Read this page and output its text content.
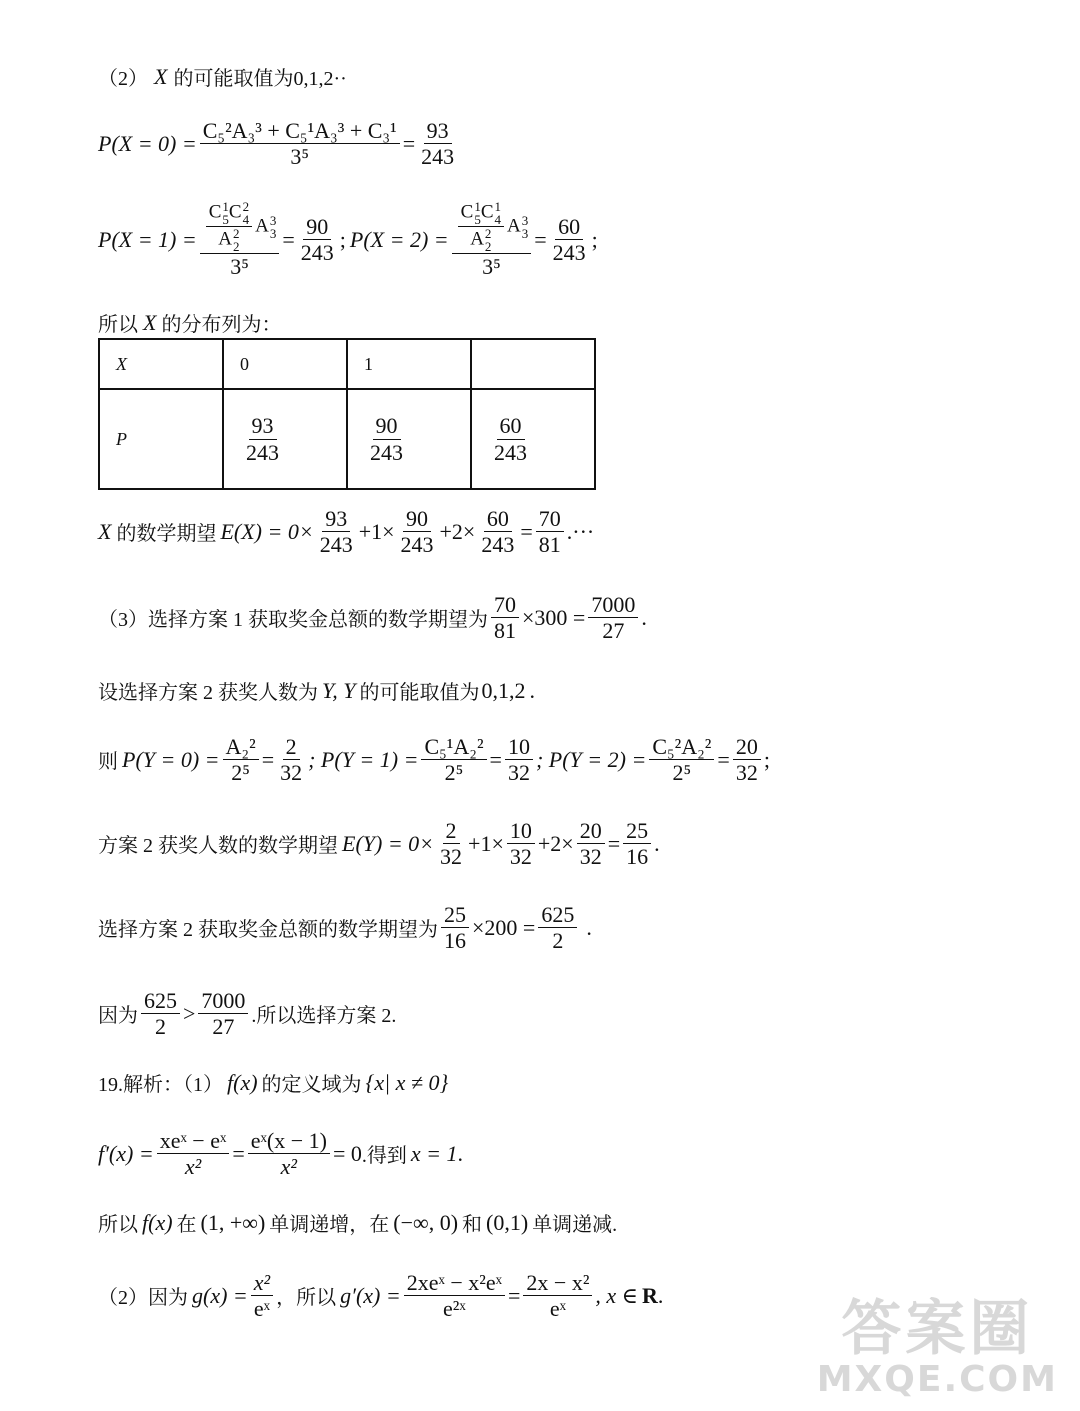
（2） X 的可能取值为0,1,2··
$P(X = 0) = \frac{\text{C₅²A₃³ + C₅¹A₃³ + C₃¹}}{\text{3⁵}} = \frac{93}{243}$
P(X = 1) = C 1
5 C 2
4
A 2
2
A 3
3
$3^5 = \frac{90}{243}$ ; P(X = 2) = C 1
5 C 1
4
A 2
2
A 3
3
$3^5 = \frac{60}{243}$ ;
所以 X 的分布列为：
X	0	1	
P	$\frac{93}{243}$	$\frac{90}{243}$	$\frac{60}{243}$
X 的数学期望 $E(X) = 0\times \frac{93}{243} +1\times \frac{90}{243} +2\times \frac{60}{243} = \frac{70}{81}$ .···
（3）选择方案 1 获取奖金总额的数学期望为 $\frac{70}{81} \times 300 = \frac{7000}{27}$ .
设选择方案 2 获奖人数为 Y, Y 的可能取值为 0,1,2 .
则 $P(Y = 0) = \frac{\text{A₂²}}{\text{2⁵}} = \frac{2}{32}$ ; $P(Y = 1) = \frac{\text{C₅¹A₂²}}{\text{2⁵}} = \frac{10}{32}$ ; $P(Y = 2) = \frac{\text{C₅²A₂²}}{\text{2⁵}} = \frac{20}{32}$ ;
方案 2 获奖人数的数学期望 $E(Y) = 0\times \frac{2}{32} +1\times \frac{10}{32} +2\times \frac{20}{32} = \frac{25}{16}$ .
选择方案 2 获取奖金总额的数学期望为 $\frac{25}{16} \times 200 = \frac{625}{2}$ .
因为
625
2
>
7000
27 .所以选择方案 2.
19.解析：（1） f(x) 的定义域为 {x| x ≠ 0}
f′(x) =
xeˣ − eˣ
x²
= $\frac{\text{eˣ(x − 1)}}{\text{x²}} = 0$ .得到 x = 1 .
所以 f(x) 在 (1, +∞) 单调递增，在 (−∞, 0) 和 (0,1) 单调递减.
（2）因为 $g(x) = \frac{\text{x²}}{\text{eˣ}}$ ，所以 g′(x) =
2xeˣ − x²eˣ
e²ˣ
= $\frac{\text{2x − x²}}{\text{eˣ}}$ , x ∈ R .	答案圈
MXQE.COM
